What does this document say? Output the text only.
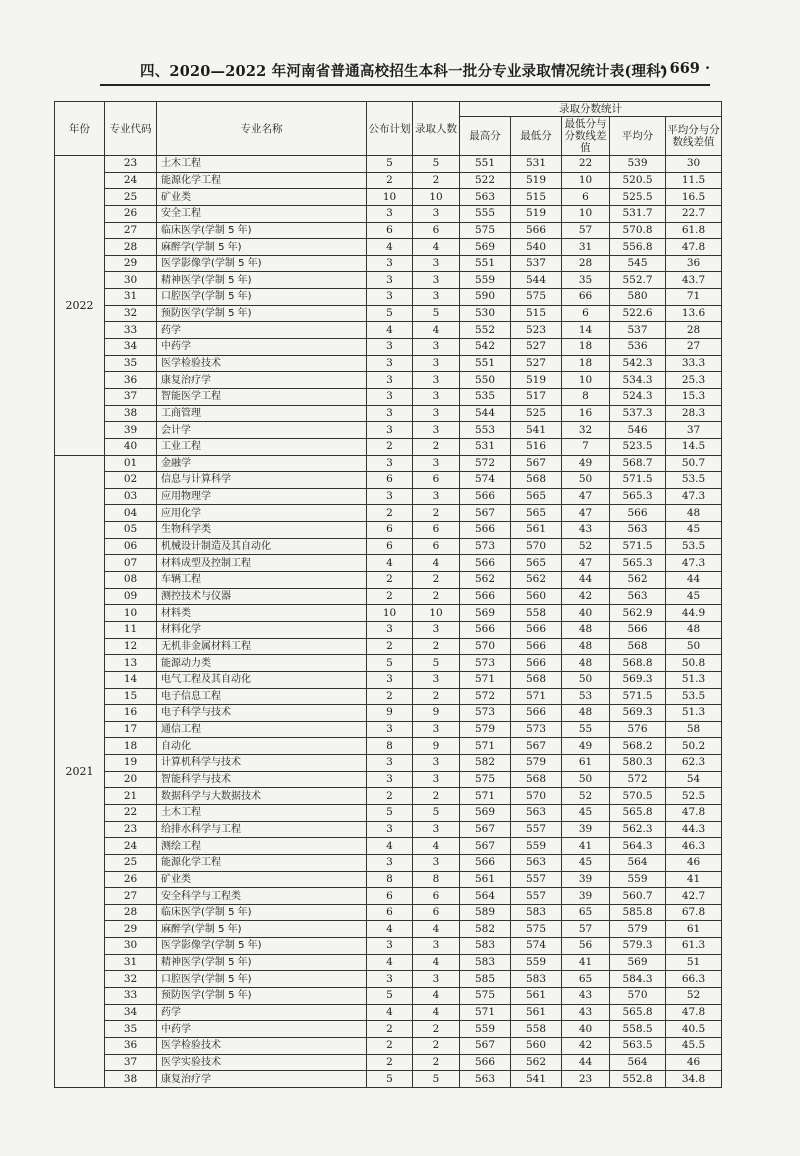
四、2020—2022 年河南省普通高校招生本科一批分专业录取情况统计表(理科)
· 669 ·
年份	专业代码	专业名称	公布计划	录取人数	录取分数统计				
					最高分	最低分	最低分与分数线差值	平均分	平均分与分数线差值
2022	23	土木工程	5	5	551	531	22	539	30
	24	能源化学工程	2	2	522	519	10	520.5	11.5
	25	矿业类	10	10	563	515	6	525.5	16.5
	26	安全工程	3	3	555	519	10	531.7	22.7
	27	临床医学(学制 5 年)	6	6	575	566	57	570.8	61.8
	28	麻醉学(学制 5 年)	4	4	569	540	31	556.8	47.8
	29	医学影像学(学制 5 年)	3	3	551	537	28	545	36
	30	精神医学(学制 5 年)	3	3	559	544	35	552.7	43.7
	31	口腔医学(学制 5 年)	3	3	590	575	66	580	71
	32	预防医学(学制 5 年)	5	5	530	515	6	522.6	13.6
	33	药学	4	4	552	523	14	537	28
	34	中药学	3	3	542	527	18	536	27
	35	医学检验技术	3	3	551	527	18	542.3	33.3
	36	康复治疗学	3	3	550	519	10	534.3	25.3
	37	智能医学工程	3	3	535	517	8	524.3	15.3
	38	工商管理	3	3	544	525	16	537.3	28.3
	39	会计学	3	3	553	541	32	546	37
	40	工业工程	2	2	531	516	7	523.5	14.5
2021	01	金融学	3	3	572	567	49	568.7	50.7
	02	信息与计算科学	6	6	574	568	50	571.5	53.5
	03	应用物理学	3	3	566	565	47	565.3	47.3
	04	应用化学	2	2	567	565	47	566	48
	05	生物科学类	6	6	566	561	43	563	45
	06	机械设计制造及其自动化	6	6	573	570	52	571.5	53.5
	07	材料成型及控制工程	4	4	566	565	47	565.3	47.3
	08	车辆工程	2	2	562	562	44	562	44
	09	测控技术与仪器	2	2	566	560	42	563	45
	10	材料类	10	10	569	558	40	562.9	44.9
	11	材料化学	3	3	566	566	48	566	48
	12	无机非金属材料工程	2	2	570	566	48	568	50
	13	能源动力类	5	5	573	566	48	568.8	50.8
	14	电气工程及其自动化	3	3	571	568	50	569.3	51.3
	15	电子信息工程	2	2	572	571	53	571.5	53.5
	16	电子科学与技术	9	9	573	566	48	569.3	51.3
	17	通信工程	3	3	579	573	55	576	58
	18	自动化	8	9	571	567	49	568.2	50.2
	19	计算机科学与技术	3	3	582	579	61	580.3	62.3
	20	智能科学与技术	3	3	575	568	50	572	54
	21	数据科学与大数据技术	2	2	571	570	52	570.5	52.5
	22	土木工程	5	5	569	563	45	565.8	47.8
	23	给排水科学与工程	3	3	567	557	39	562.3	44.3
	24	测绘工程	4	4	567	559	41	564.3	46.3
	25	能源化学工程	3	3	566	563	45	564	46
	26	矿业类	8	8	561	557	39	559	41
	27	安全科学与工程类	6	6	564	557	39	560.7	42.7
	28	临床医学(学制 5 年)	6	6	589	583	65	585.8	67.8
	29	麻醉学(学制 5 年)	4	4	582	575	57	579	61
	30	医学影像学(学制 5 年)	3	3	583	574	56	579.3	61.3
	31	精神医学(学制 5 年)	4	4	583	559	41	569	51
	32	口腔医学(学制 5 年)	3	3	585	583	65	584.3	66.3
	33	预防医学(学制 5 年)	5	4	575	561	43	570	52
	34	药学	4	4	571	561	43	565.8	47.8
	35	中药学	2	2	559	558	40	558.5	40.5
	36	医学检验技术	2	2	567	560	42	563.5	45.5
	37	医学实验技术	2	2	566	562	44	564	46
	38	康复治疗学	5	5	563	541	23	552.8	34.8
